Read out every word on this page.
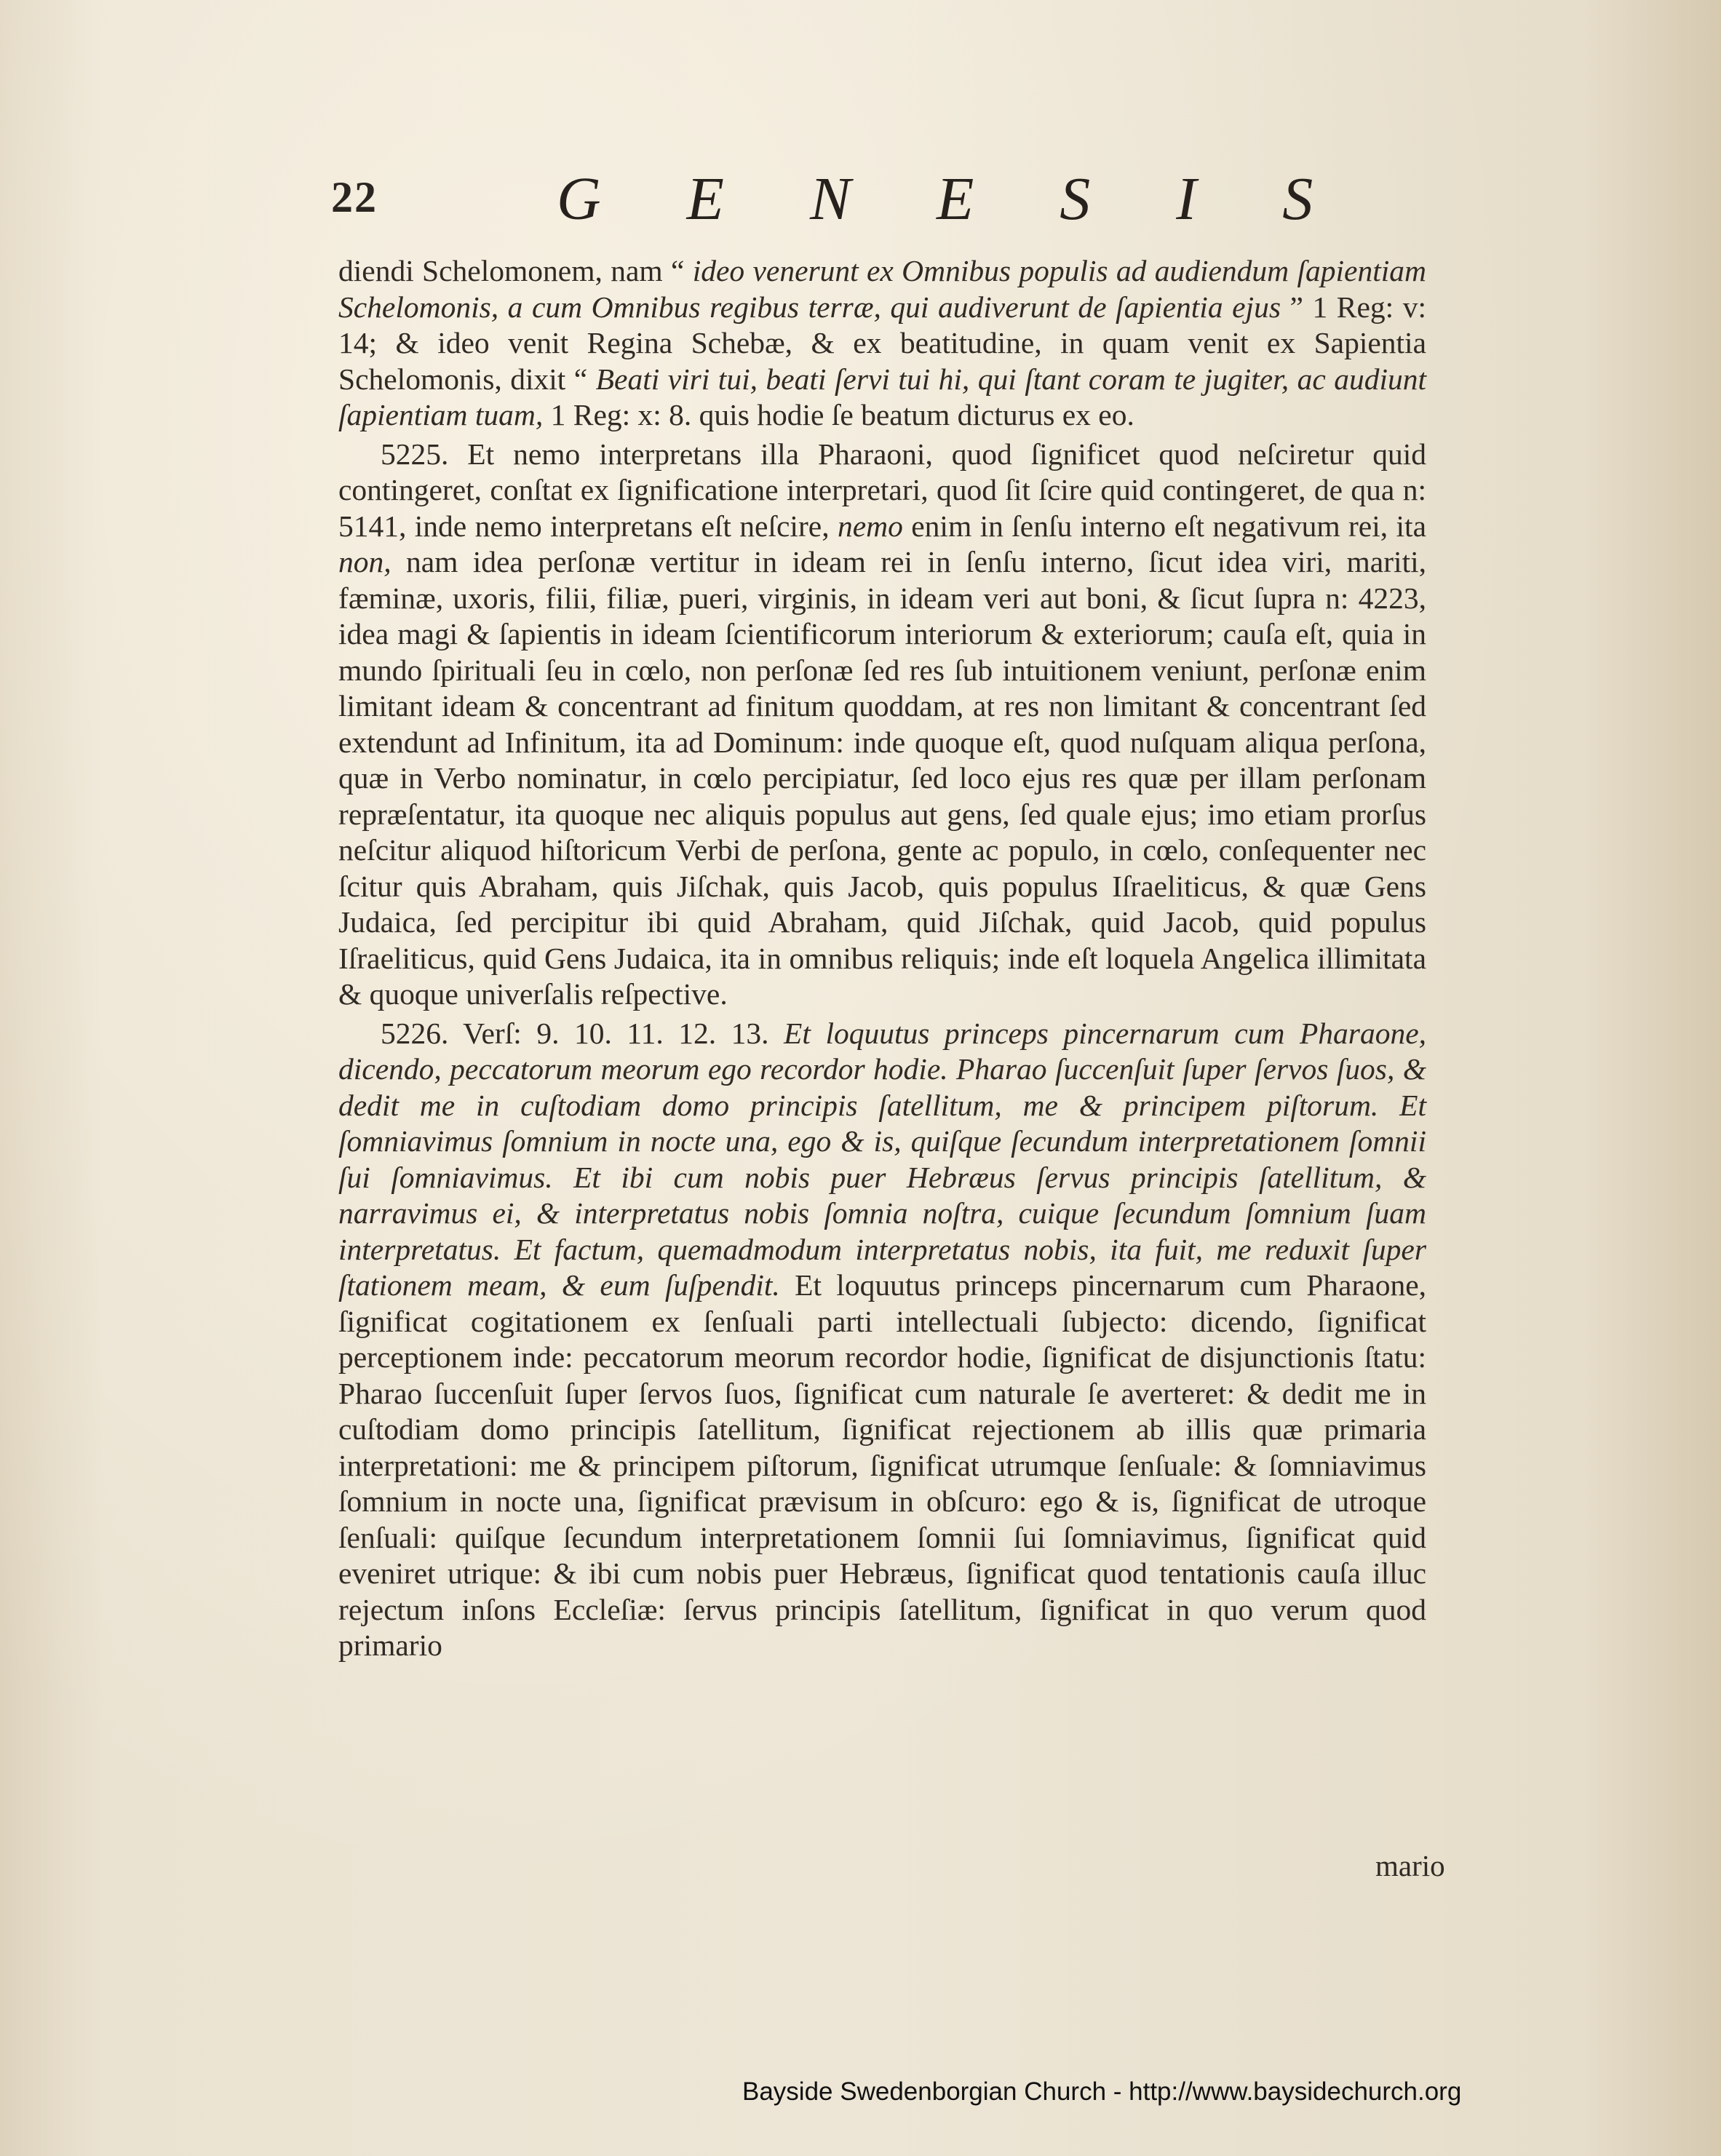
22	GENESIS

diendi Schelomonem, nam “ ideo venerunt ex Omnibus populis ad audiendum ſapientiam Schelomonis, a cum Omnibus regibus terræ, qui audiverunt de ſapientia ejus ” 1 Reg: v: 14; & ideo venit Regina Schebæ, & ex beatitudine, in quam venit ex Sapientia Schelomonis, dixit “ Beati viri tui, beati ſervi tui hi, qui ſtant coram te jugiter, ac audiunt ſapientiam tuam, 1 Reg: x: 8. quis hodie ſe beatum dicturus ex eo.

5225. Et nemo interpretans illa Pharaoni, quod ſignificet quod neſciretur quid contingeret, conſtat ex ſignificatione interpretari, quod ſit ſcire quid contingeret, de qua n: 5141, inde nemo interpretans eſt neſcire, nemo enim in ſenſu interno eſt negativum rei, ita non, nam idea perſonæ vertitur in ideam rei in ſenſu interno, ſicut idea viri, mariti, fæminæ, uxoris, filii, filiæ, pueri, virginis, in ideam veri aut boni, & ſicut ſupra n: 4223, idea magi & ſapientis in ideam ſcientificorum interiorum & exteriorum; cauſa eſt, quia in mundo ſpirituali ſeu in cœlo, non perſonæ ſed res ſub intuitionem veniunt, perſonæ enim limitant ideam & concentrant ad finitum quoddam, at res non limitant & concentrant ſed extendunt ad Infinitum, ita ad Dominum: inde quoque eſt, quod nuſquam aliqua perſona, quæ in Verbo nominatur, in cœlo percipiatur, ſed loco ejus res quæ per illam perſonam repræſentatur, ita quoque nec aliquis populus aut gens, ſed quale ejus; imo etiam prorſus neſcitur aliquod hiſtoricum Verbi de perſona, gente ac populo, in cœlo, conſequenter nec ſcitur quis Abraham, quis Jiſchak, quis Jacob, quis populus Iſraeliticus, & quæ Gens Judaica, ſed percipitur ibi quid Abraham, quid Jiſchak, quid Jacob, quid populus Iſraeliticus, quid Gens Judaica, ita in omnibus reliquis; inde eſt loquela Angelica illimitata & quoque univerſalis reſpective.

5226. Verſ: 9. 10. 11. 12. 13. Et loquutus princeps pincernarum cum Pharaone, dicendo, peccatorum meorum ego recordor hodie. Pharao ſuccenſuit ſuper ſervos ſuos, & dedit me in cuſtodiam domo principis ſatellitum, me & principem piſtorum. Et ſomniavimus ſomnium in nocte una, ego & is, quiſque ſecundum interpretationem ſomnii ſui ſomniavimus. Et ibi cum nobis puer Hebræus ſervus principis ſatellitum, & narravimus ei, & interpretatus nobis ſomnia noſtra, cuique ſecundum ſomnium ſuam interpretatus. Et factum, quemadmodum interpretatus nobis, ita fuit, me reduxit ſuper ſtationem meam, & eum ſuſpendit. Et loquutus princeps pincernarum cum Pharaone, ſignificat cogitationem ex ſenſuali parti intellectuali ſubjecto: dicendo, ſignificat perceptionem inde: peccatorum meorum recordor hodie, ſignificat de disjunctionis ſtatu: Pharao ſuccenſuit ſuper ſervos ſuos, ſignificat cum naturale ſe averteret: & dedit me in cuſtodiam domo principis ſatellitum, ſignificat rejectionem ab illis quæ primaria interpretationi: me & principem piſtorum, ſignificat utrumque ſenſuale: & ſomniavimus ſomnium in nocte una, ſignificat prævisum in obſcuro: ego & is, ſignificat de utroque ſenſuali: quiſque ſecundum interpretationem ſomnii ſui ſomniavimus, ſignificat quid eveniret utrique: & ibi cum nobis puer Hebræus, ſignificat quod tentationis cauſa illuc rejectum inſons Eccleſiæ: ſervus principis ſatellitum, ſignificat in quo verum quod primario

mario
Bayside Swedenborgian Church - http://www.baysidechurch.org
